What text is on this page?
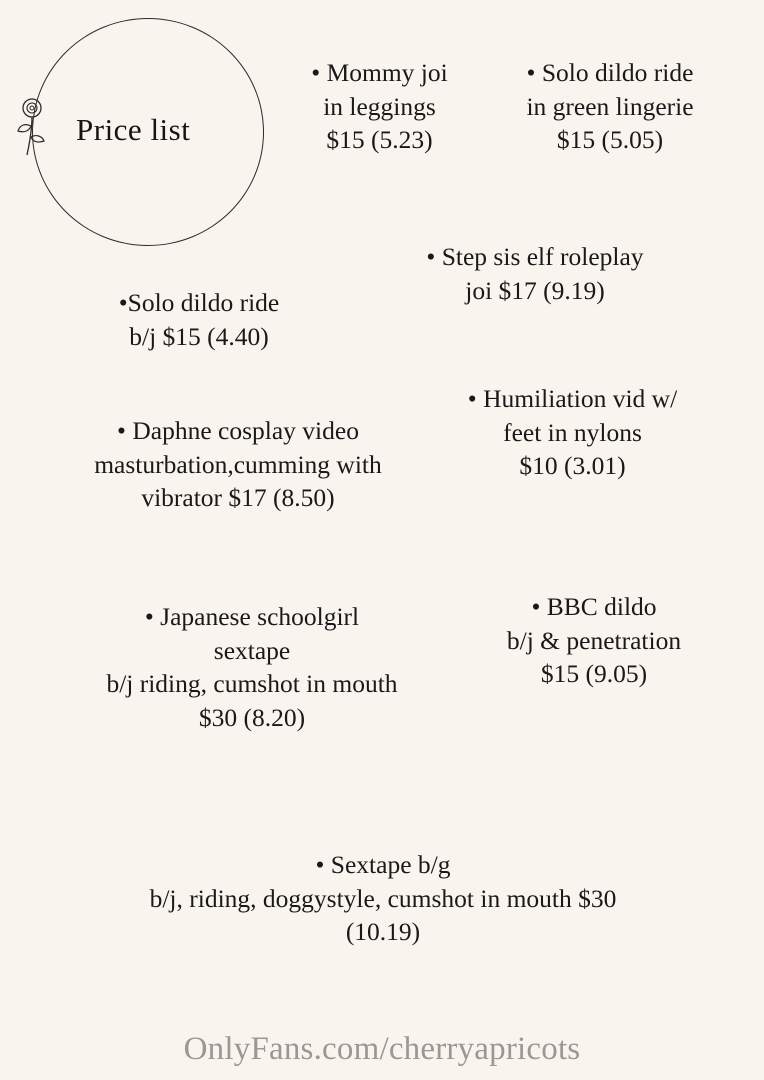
Price list
• Mommy joi
in leggings
$15 (5.23)
• Solo dildo ride
in green lingerie
$15 (5.05)
• Step sis elf roleplay
joi $17 (9.19)
•Solo dildo ride
b/j $15 (4.40)
• Humiliation vid w/
feet in nylons
$10 (3.01)
• Daphne cosplay video
masturbation,cumming with
vibrator $17 (8.50)
• Japanese schoolgirl
sextape
b/j riding, cumshot in mouth
$30 (8.20)
• BBC dildo
b/j & penetration
$15 (9.05)
• Sextape b/g
b/j, riding, doggystyle, cumshot in mouth $30
(10.19)
OnlyFans.com/cherryapricots
